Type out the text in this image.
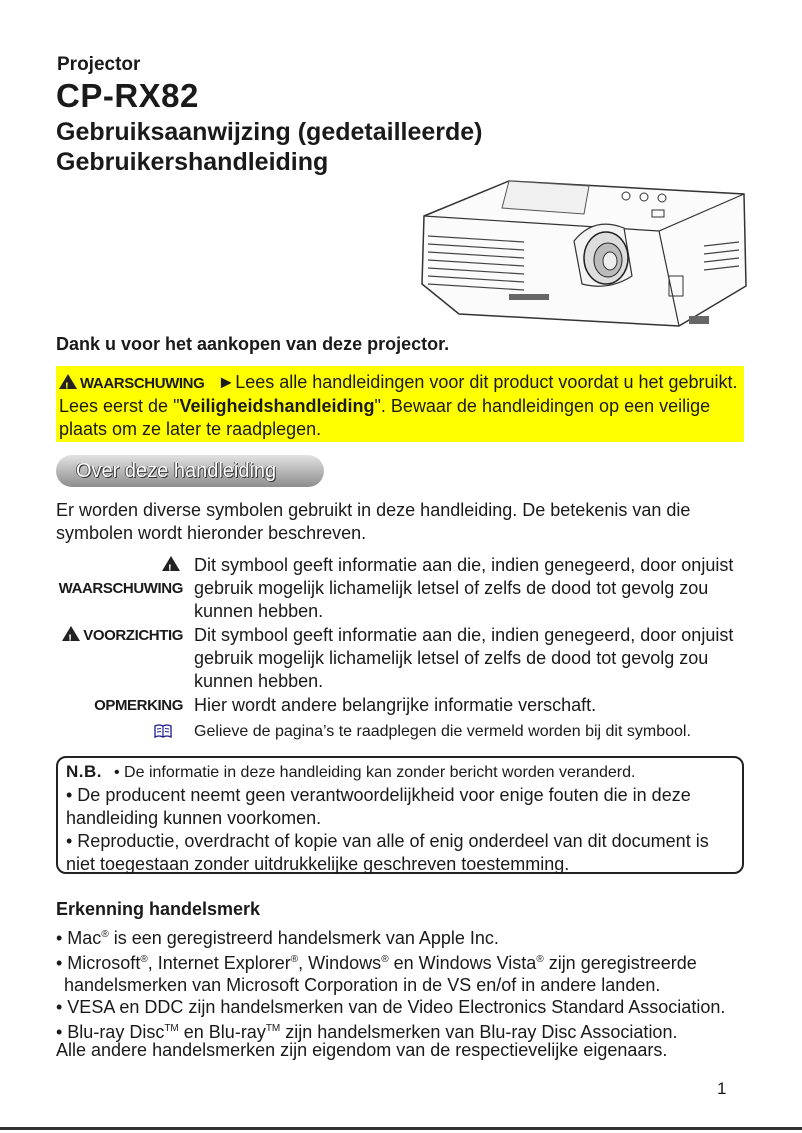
Projector
CP-RX82
Gebruiksaanwijzing (gedetailleerde)
Gebruikershandleiding
Dank u voor het aankopen van deze projector.
!WAARSCHUWING ►Lees alle handleidingen voor dit product voordat u het gebruikt. Lees eerst de "Veiligheidshandleiding". Bewaar de handleidingen op een veilige plaats om ze later te raadplegen.
Over deze handleiding
Er worden diverse symbolen gebruikt in deze handleiding. De betekenis van die symbolen wordt hieronder beschreven.
!WAARSCHUWING
Dit symbool geeft informatie aan die, indien genegeerd, door onjuist gebruik mogelijk lichamelijk letsel of zelfs de dood tot gevolg zou kunnen hebben.
!VOORZICHTIG Dit symbool geeft informatie aan die, indien genegeerd, door onjuist gebruik mogelijk lichamelijk letsel of zelfs de dood tot gevolg zou kunnen hebben.
OPMERKING Hier wordt andere belangrijke informatie verschaft.
Gelieve de pagina’s te raadplegen die vermeld worden bij dit symbool.
N.B. • De informatie in deze handleiding kan zonder bericht worden veranderd.
• De producent neemt geen verantwoordelijkheid voor enige fouten die in deze handleiding kunnen voorkomen.
• Reproductie, overdracht of kopie van alle of enig onderdeel van dit document is niet toegestaan zonder uitdrukkelijke geschreven toestemming.
Erkenning handelsmerk
• Mac® is een geregistreerd handelsmerk van Apple Inc.
• Microsoft®, Internet Explorer®, Windows® en Windows Vista® zijn geregistreerde
handelsmerken van Microsoft Corporation in de VS en/of in andere landen.
• VESA en DDC zijn handelsmerken van de Video Electronics Standard Association.
• Blu-ray Disc™ en Blu-ray™ zijn handelsmerken van Blu-ray Disc Association.
Alle andere handelsmerken zijn eigendom van de respectievelijke eigenaars.
1
